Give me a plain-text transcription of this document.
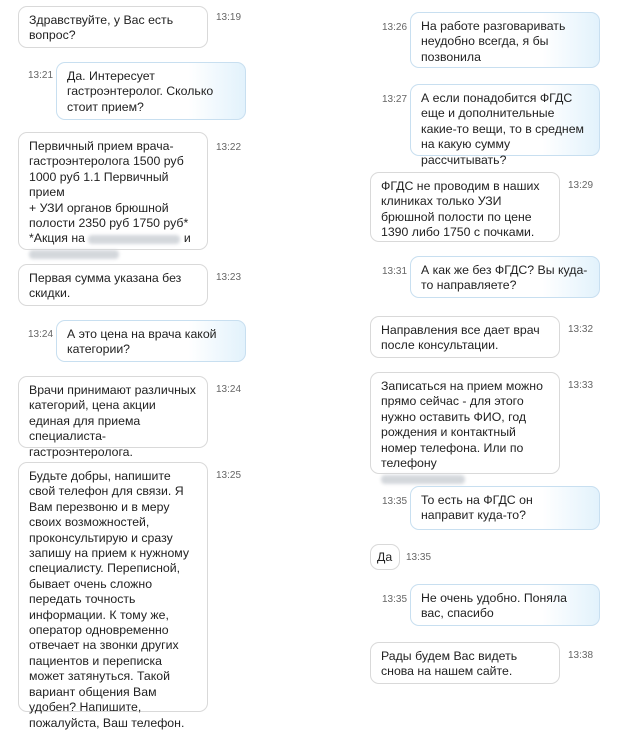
Здравствуйте, у Вас есть вопрос?
13:19
13:21	Да. Интересует гастроэнтеролог. Сколько стоит прием?
Первичный прием врача-
гастроэнтеролога 1500 руб
1000 руб 1.1 Первичный прием
+ УЗИ органов брюшной
полости 2350 руб 1750 руб*
*Акция на	и
13:22
Первая сумма указана без скидки.
13:23
13:24	А это цена на врача какой категории?
Врачи принимают различных категорий, цена акции единая для приема специалиста-гастроэнтеролога.
13:24
Будьте добры, напишите свой телефон для связи. Я Вам перезвоню и в меру своих возможностей, проконсультирую и сразу запишу на прием к нужному специалисту. Переписной, бывает очень сложно передать точность информации. К тому же, оператор одновременно отвечает на звонки других пациентов и переписка может затянуться. Такой вариант общения Вам удобен? Напишите, пожалуйста, Ваш телефон.
13:25
13:26	На работе разговаривать неудобно всегда, я бы позвонила
13:27	А если понадобится ФГДС еще и дополнительные какие-то вещи, то в среднем на какую сумму рассчитывать?
ФГДС не проводим в наших клиниках только УЗИ брюшной полости по цене 1390 либо 1750 с почками.
13:29
13:31	А как же без ФГДС? Вы куда-то направляете?
Направления все дает врач после консультации.
13:32
Записаться на прием можно прямо сейчас - для этого нужно оставить ФИО, год рождения и контактный номер телефона. Или по телефону
13:33
13:35	То есть на ФГДС он направит куда-то?
Да	13:35
13:35	Не очень удобно. Поняла вас, спасибо
Рады будем Вас видеть снова на нашем сайте.
13:38
